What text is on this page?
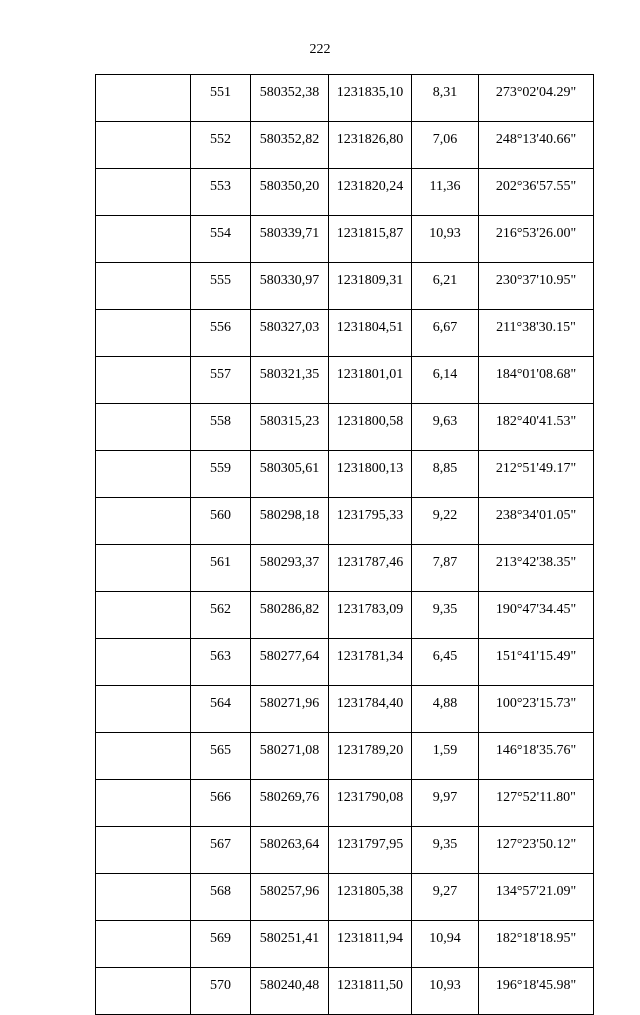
222
	551	580352,38	1231835,10	8,31	273°02'04.29"
	552	580352,82	1231826,80	7,06	248°13'40.66"
	553	580350,20	1231820,24	11,36	202°36'57.55"
	554	580339,71	1231815,87	10,93	216°53'26.00"
	555	580330,97	1231809,31	6,21	230°37'10.95"
	556	580327,03	1231804,51	6,67	211°38'30.15"
	557	580321,35	1231801,01	6,14	184°01'08.68"
	558	580315,23	1231800,58	9,63	182°40'41.53"
	559	580305,61	1231800,13	8,85	212°51'49.17"
	560	580298,18	1231795,33	9,22	238°34'01.05"
	561	580293,37	1231787,46	7,87	213°42'38.35"
	562	580286,82	1231783,09	9,35	190°47'34.45"
	563	580277,64	1231781,34	6,45	151°41'15.49"
	564	580271,96	1231784,40	4,88	100°23'15.73"
	565	580271,08	1231789,20	1,59	146°18'35.76"
	566	580269,76	1231790,08	9,97	127°52'11.80"
	567	580263,64	1231797,95	9,35	127°23'50.12"
	568	580257,96	1231805,38	9,27	134°57'21.09"
	569	580251,41	1231811,94	10,94	182°18'18.95"
	570	580240,48	1231811,50	10,93	196°18'45.98"
